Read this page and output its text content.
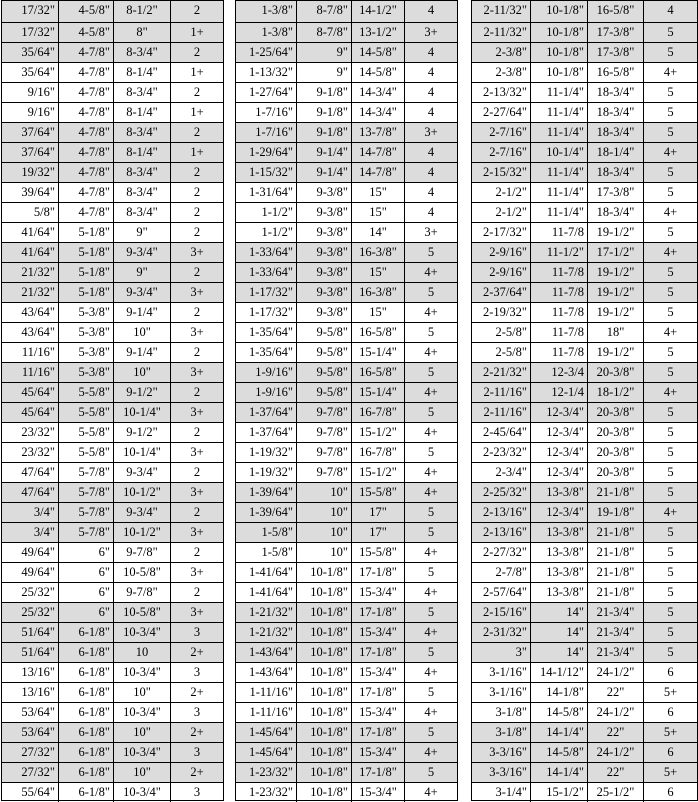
17/32"	4-5/8"	8-1/2"	2
17/32"	4-5/8"	8"	1+
35/64"	4-7/8"	8-3/4"	2
35/64"	4-7/8"	8-1/4"	1+
9/16"	4-7/8"	8-3/4"	2
9/16"	4-7/8"	8-1/4"	1+
37/64"	4-7/8"	8-3/4"	2
37/64"	4-7/8"	8-1/4"	1+
19/32"	4-7/8"	8-3/4"	2
39/64"	4-7/8"	8-3/4"	2
5/8"	4-7/8"	8-3/4"	2
41/64"	5-1/8"	9"	2
41/64"	5-1/8"	9-3/4"	3+
21/32"	5-1/8"	9"	2
21/32"	5-1/8"	9-3/4"	3+
43/64"	5-3/8"	9-1/4"	2
43/64"	5-3/8"	10"	3+
11/16"	5-3/8"	9-1/4"	2
11/16"	5-3/8"	10"	3+
45/64"	5-5/8"	9-1/2"	2
45/64"	5-5/8"	10-1/4"	3+
23/32"	5-5/8"	9-1/2"	2
23/32"	5-5/8"	10-1/4"	3+
47/64"	5-7/8"	9-3/4"	2
47/64"	5-7/8"	10-1/2"	3+
3/4"	5-7/8"	9-3/4"	2
3/4"	5-7/8"	10-1/2"	3+
49/64"	6"	9-7/8"	2
49/64"	6"	10-5/8"	3+
25/32"	6"	9-7/8"	2
25/32"	6"	10-5/8"	3+
51/64"	6-1/8"	10-3/4"	3
51/64"	6-1/8"	10	2+
13/16"	6-1/8"	10-3/4"	3
13/16"	6-1/8"	10"	2+
53/64"	6-1/8"	10-3/4"	3
53/64"	6-1/8"	10"	2+
27/32"	6-1/8"	10-3/4"	3
27/32"	6-1/8"	10"	2+
55/64"	6-1/8"	10-3/4"	3
1-3/8"	8-7/8" 14-1/2"	4
1-3/8"	8-7/8" 13-1/2"	3+
1-25/64"	9" 14-5/8"	4
1-13/32"	9" 14-5/8"	4
1-27/64"	9-1/8" 14-3/4"	4
1-7/16"	9-1/8" 14-3/4"	4
1-7/16"	9-1/8" 13-7/8"	3+
1-29/64"	9-1/4" 14-7/8"	4
1-15/32"	9-1/4" 14-7/8"	4
1-31/64"	9-3/8"	15"	4
1-1/2"	9-3/8"	15"	4
1-1/2"	9-3/8"	14"	3+
1-33/64"	9-3/8" 16-3/8"	5
1-33/64"	9-3/8"	15"	4+
1-17/32"	9-3/8" 16-3/8"	5
1-17/32"	9-3/8"	15"	4+
1-35/64"	9-5/8" 16-5/8"	5
1-35/64"	9-5/8" 15-1/4"	4+
1-9/16"	9-5/8" 16-5/8"	5
1-9/16"	9-5/8" 15-1/4"	4+
1-37/64"	9-7/8" 16-7/8"	5
1-37/64"	9-7/8" 15-1/2"	4+
1-19/32"	9-7/8" 16-7/8"	5
1-19/32"	9-7/8" 15-1/2"	4+
1-39/64"	10" 15-5/8"	4+
1-39/64"	10"	17"	5
1-5/8"	10"	17"	5
1-5/8"	10" 15-5/8"	4+
1-41/64"	10-1/8" 17-1/8"	5
1-41/64"	10-1/8" 15-3/4"	4+
1-21/32"	10-1/8" 17-1/8"	5
1-21/32"	10-1/8" 15-3/4"	4+
1-43/64"	10-1/8" 17-1/8"	5
1-43/64"	10-1/8" 15-3/4"	4+
1-11/16"	10-1/8" 17-1/8"	5
1-11/16"	10-1/8" 15-3/4"	4+
1-45/64"	10-1/8" 17-1/8"	5
1-45/64"	10-1/8" 15-3/4"	4+
1-23/32"	10-1/8" 17-1/8"	5
1-23/32"	10-1/8" 15-3/4"	4+
2-11/32"	10-1/8"	16-5/8"	4
2-11/32"	10-1/8"	17-3/8"	5
2-3/8"	10-1/8"	17-3/8"	5
2-3/8"	10-1/8"	16-5/8"	4+
2-13/32"	11-1/4"	18-3/4"	5
2-27/64"	11-1/4"	18-3/4"	5
2-7/16"	11-1/4"	18-3/4"	5
2-7/16"	10-1/4"	18-1/4"	4+
2-15/32"	11-1/4"	18-3/4"	5
2-1/2"	11-1/4"	17-3/8"	5
2-1/2"	11-1/4"	18-3/4"	4+
2-17/32"	11-7/8	19-1/2"	5
2-9/16"	11-1/2"	17-1/2"	4+
2-9/16"	11-7/8	19-1/2"	5
2-37/64"	11-7/8	19-1/2"	5
2-19/32"	11-7/8	19-1/2"	5
2-5/8"	11-7/8	18"	4+
2-5/8"	11-7/8	19-1/2"	5
2-21/32"	12-3/4	20-3/8"	5
2-11/16"	12-1/4	18-1/2"	4+
2-11/16"	12-3/4"	20-3/8"	5
2-45/64"	12-3/4"	20-3/8"	5
2-23/32"	12-3/4"	20-3/8"	5
2-3/4"	12-3/4"	20-3/8"	5
2-25/32"	13-3/8"	21-1/8"	5
2-13/16"	12-3/4"	19-1/8"	4+
2-13/16"	13-3/8"	21-1/8"	5
2-27/32"	13-3/8"	21-1/8"	5
2-7/8"	13-3/8"	21-1/8"	5
2-57/64"	13-3/8"	21-1/8"	5
2-15/16"	14"	21-3/4"	5
2-31/32"	14"	21-3/4"	5
3"	14"	21-3/4"	5
3-1/16"	14-1/12"	24-1/2"	6
3-1/16"	14-1/8"	22"	5+
3-1/8"	14-5/8"	24-1/2"	6
3-1/8"	14-1/4"	22"	5+
3-3/16"	14-5/8"	24-1/2"	6
3-3/16"	14-1/4"	22"	5+
3-1/4"	15-1/2"	25-1/2"	6
